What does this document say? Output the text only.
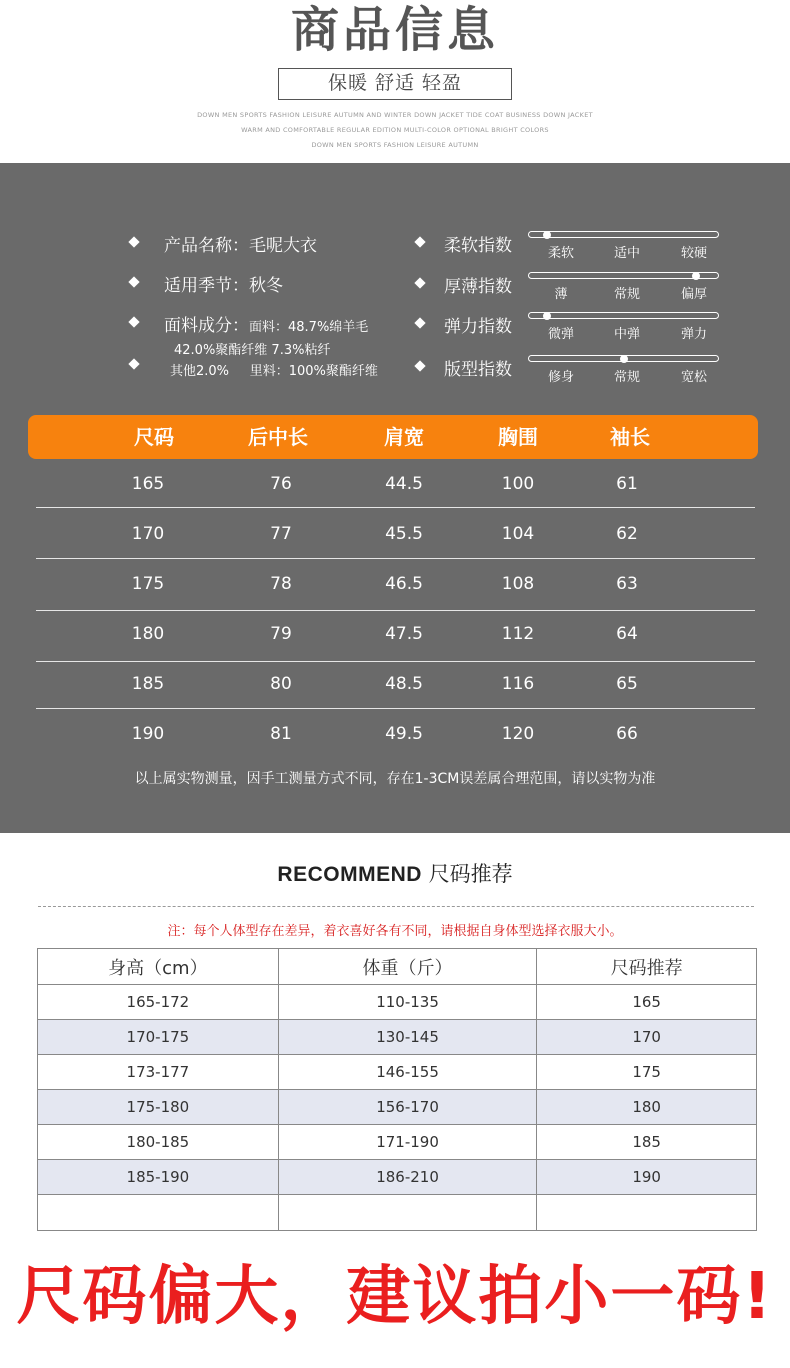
商品信息
保暖 舒适 轻盈
DOWN MEN SPORTS FASHION LEISURE AUTUMN AND WINTER DOWN JACKET TIDE COAT BUSINESS DOWN JACKET
WARM AND COMFORTABLE REGULAR EDITION MULTI-COLOR OPTIONAL BRIGHT COLORS
DOWN MEN SPORTS FASHION LEISURE AUTUMN
产品名称：毛呢大衣
适用季节：秋冬
面料成分：面料：48.7%绵羊毛
42.0%聚酯纤维 7.3%粘纤
其他2.0%     里料：100%聚酯纤维
柔软指数	柔软	适中	较硬
厚薄指数	薄	常规	偏厚
弹力指数	微弹	中弹	弹力
版型指数	修身	常规	宽松
尺码	后中长	肩宽	胸围	袖长
165	76	44.5	100	61
170	77	45.5	104	62
175	78	46.5	108	63
180	79	47.5	112	64
185	80	48.5	116	65
190	81	49.5	120	66
以上属实物测量，因手工测量方式不同，存在1-3CM误差属合理范围，请以实物为准
RECOMMEND 尺码推荐
注：每个人体型存在差异，着衣喜好各有不同，请根据自身体型选择衣服大小。
身高（cm）	体重（斤）	尺码推荐
165-172	110-135	165
170-175	130-145	170
173-177	146-155	175
175-180	156-170	180
180-185	171-190	185
185-190	186-210	190

尺码偏大，建议拍小一码!
